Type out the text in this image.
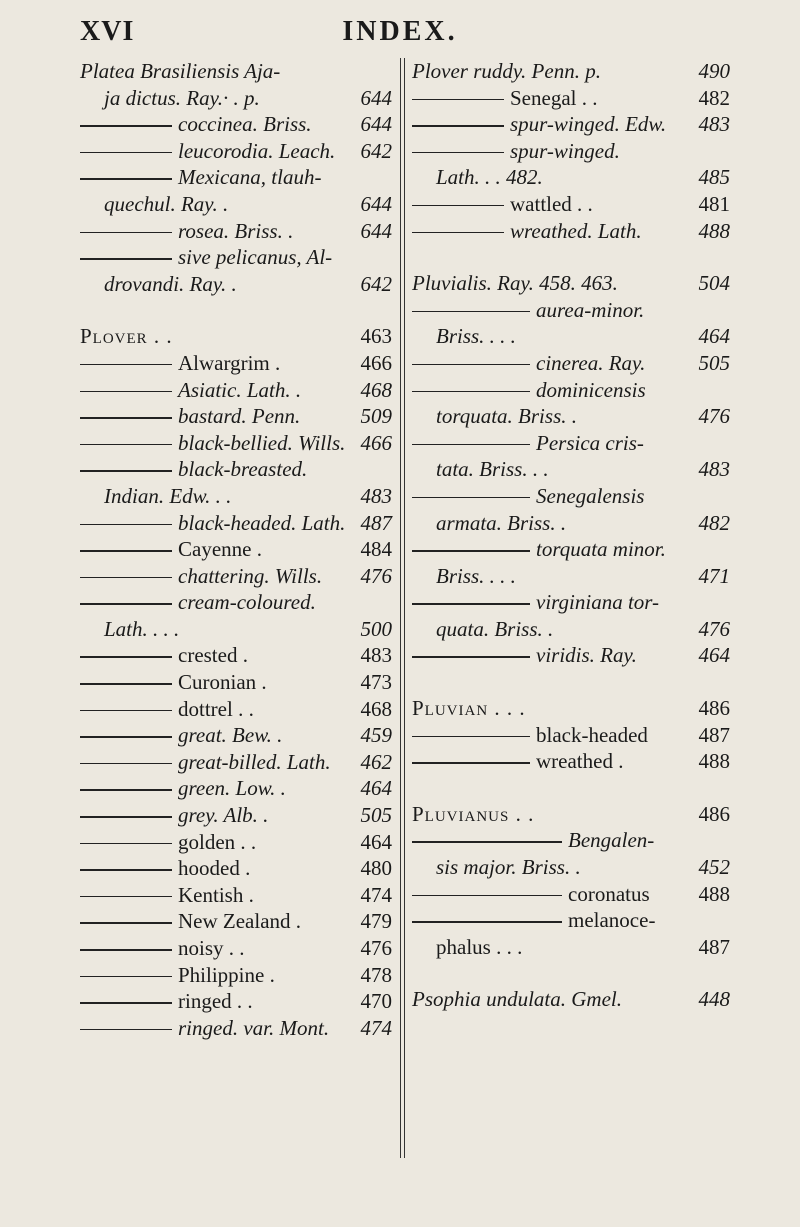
XVI	INDEX.
Platea Brasiliensis Aja-
ja dictus. Ray.· . p.	644
coccinea. Briss. 644
leucorodia. Leach. 642
Mexicana, tlauh-
quechul. Ray. .	644
rosea. Briss. .	644
sive pelicanus, Al-
drovandi. Ray. .	642
Plover . .	463
Alwargrim .	466
Asiatic. Lath. .	468
bastard. Penn.	509
black-bellied. Wills. 466
black-breasted.
Indian. Edw. . .	483
black-headed. Lath. 487
Cayenne .	484
chattering. Wills. 476
cream-coloured.
Lath. . . .	500
crested .	483
Curonian .	473
dottrel . .	468
great. Bew. .	459
great-billed. Lath. 462
green. Low. .	464
grey. Alb. .	505
golden . .	464
hooded .	480
Kentish .	474
New Zealand .	479
noisy . .	476
Philippine .	478
ringed . .	470
ringed. var. Mont. 474
Plover ruddy. Penn. p.	490
Senegal . .	482
spur-winged. Edw. 483
spur-winged.
Lath. . . 482.	485
wattled . .	481
wreathed. Lath.	488
Pluvialis. Ray. 458. 463.	504
aurea-minor.
Briss. . . .	464
cinerea. Ray.	505
dominicensis
torquata. Briss. .	476
Persica cris-
tata. Briss. . .	483
Senegalensis
armata. Briss. .	482
torquata minor.
Briss. . . .	471
virginiana tor-
quata. Briss. .	476
viridis. Ray.	464
Pluvian . . .	486
black-headed 487
wreathed .	488
Pluvianus . .	486
Bengalen-
sis major. Briss. .	452
coronatus 488
melanoce-
phalus . . .	487
Psophia undulata. Gmel.	448
